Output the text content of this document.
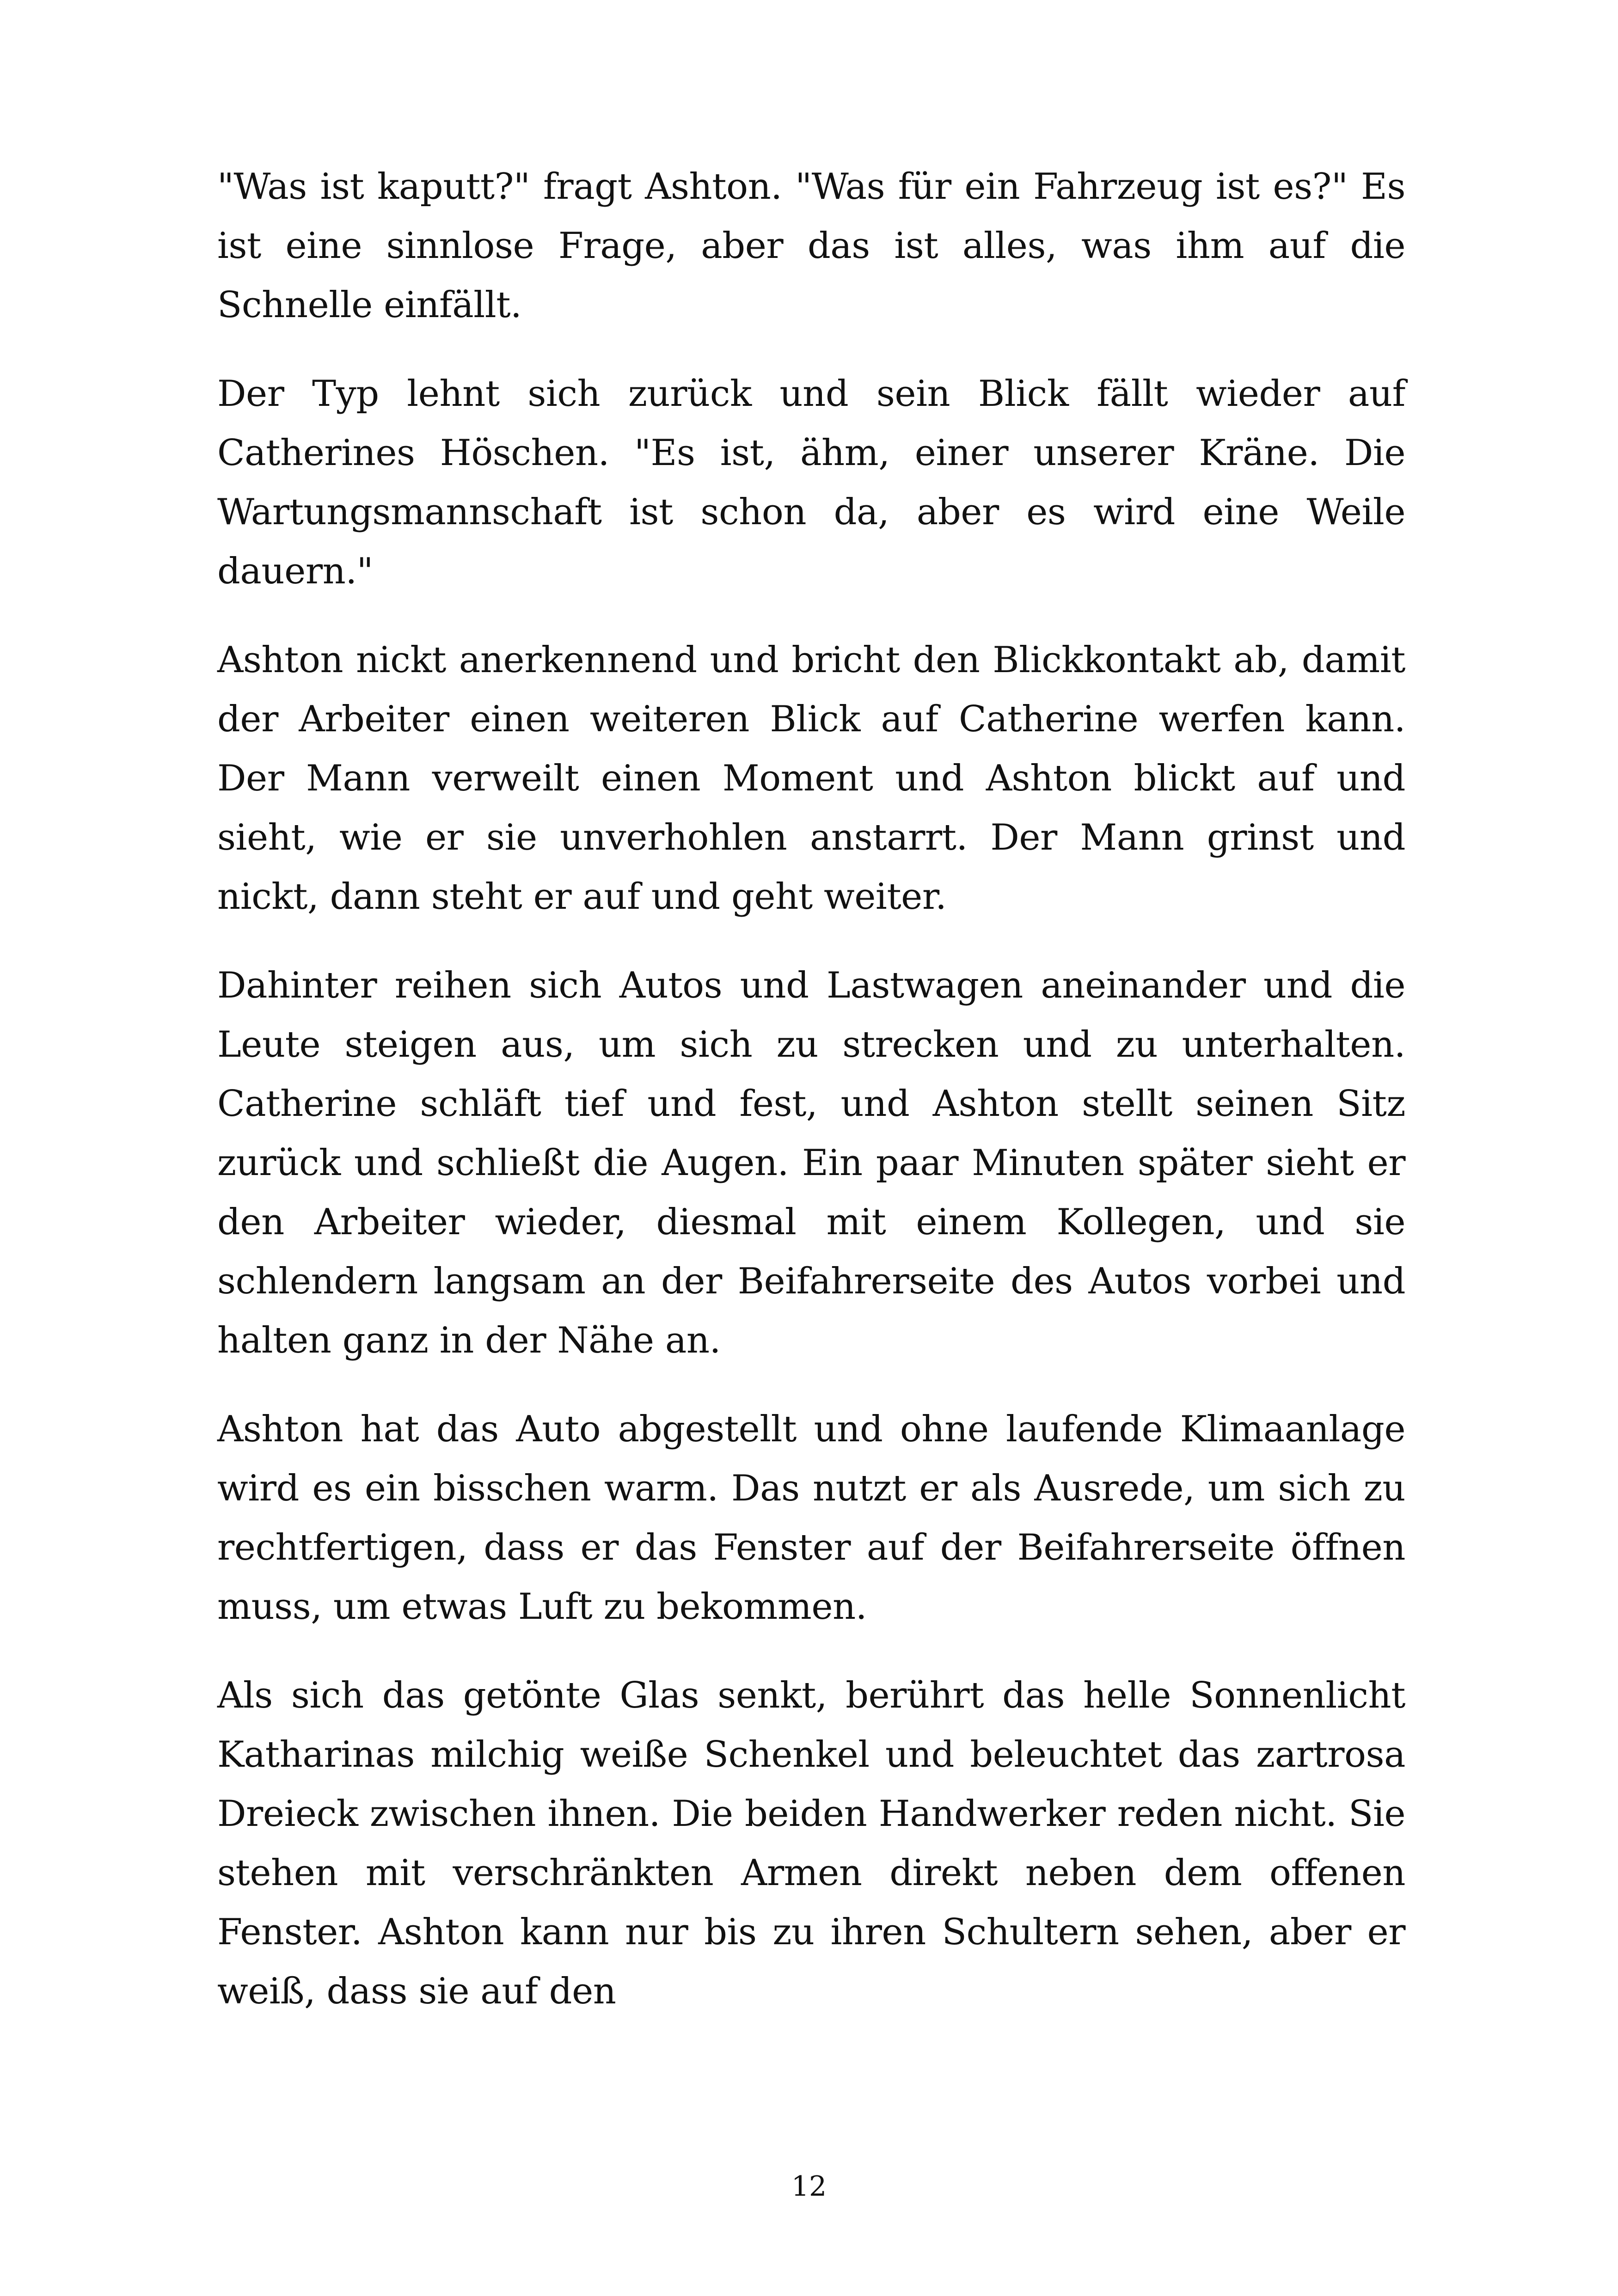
"Was ist kaputt?" fragt Ashton. "Was für ein Fahrzeug ist es?" Es ist eine sinnlose Frage, aber das ist alles, was ihm auf die Schnelle einfällt.

Der Typ lehnt sich zurück und sein Blick fällt wieder auf Catherines Höschen. "Es ist, ähm, einer unserer Kräne. Die Wartungsmannschaft ist schon da, aber es wird eine Weile dauern."

Ashton nickt anerkennend und bricht den Blickkontakt ab, damit der Arbeiter einen weiteren Blick auf Catherine werfen kann. Der Mann verweilt einen Moment und Ashton blickt auf und sieht, wie er sie unverhohlen anstarrt. Der Mann grinst und nickt, dann steht er auf und geht weiter.

Dahinter reihen sich Autos und Lastwagen aneinander und die Leute steigen aus, um sich zu strecken und zu unterhalten. Catherine schläft tief und fest, und Ashton stellt seinen Sitz zurück und schließt die Augen. Ein paar Minuten später sieht er den Arbeiter wieder, diesmal mit einem Kollegen, und sie schlendern langsam an der Beifahrerseite des Autos vorbei und halten ganz in der Nähe an.

Ashton hat das Auto abgestellt und ohne laufende Klimaanlage wird es ein bisschen warm. Das nutzt er als Ausrede, um sich zu rechtfertigen, dass er das Fenster auf der Beifahrerseite öffnen muss, um etwas Luft zu bekommen.

Als sich das getönte Glas senkt, berührt das helle Sonnenlicht Katharinas milchig weiße Schenkel und beleuchtet das zartrosa Dreieck zwischen ihnen. Die beiden Handwerker reden nicht. Sie stehen mit verschränkten Armen direkt neben dem offenen Fenster. Ashton kann nur bis zu ihren Schultern sehen, aber er weiß, dass sie auf den

12
